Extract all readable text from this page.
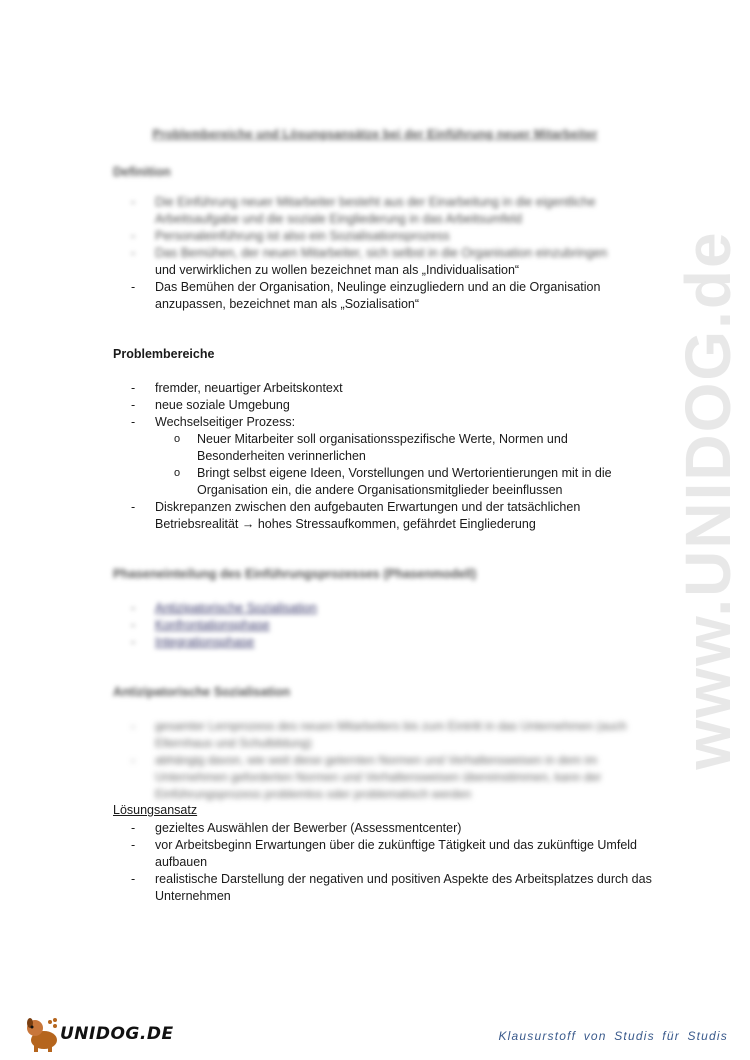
www.UNIDOG.de
Problembereiche und Lösungsansätze bei der Einführung neuer Mitarbeiter
Definition
- Die Einführung neuer Mitarbeiter besteht aus der Einarbeitung in die eigentliche Arbeitsaufgabe und die soziale Eingliederung in das Arbeitsumfeld
- Personaleinführung ist also ein Sozialisationsprozess
- Das Bemühen, der neuen Mitarbeiter, sich selbst in die Organisation einzubringen
und verwirklichen zu wollen bezeichnet man als „Individualisation“
- Das Bemühen der Organisation, Neulinge einzugliedern und an die Organisation
anzupassen, bezeichnet man als „Sozialisation“
Problembereiche
- fremder, neuartiger Arbeitskontext
- neue soziale Umgebung
- Wechselseitiger Prozess:
o Neuer Mitarbeiter soll organisationsspezifische Werte, Normen und Besonderheiten verinnerlichen
o Bringt selbst eigene Ideen, Vorstellungen und Wertorientierungen mit in die Organisation ein, die andere Organisationsmitglieder beeinflussen
- Diskrepanzen zwischen den aufgebauten Erwartungen und der tatsächlichen Betriebsrealität → hohes Stressaufkommen, gefährdet Eingliederung
Phaseneinteilung des Einführungsprozesses (Phasenmodell)
- Antizipatorische Sozialisation
- Konfrontationsphase
- Integrationsphase
Antizipatorische Sozialisation
- gesamter Lernprozess des neuen Mitarbeiters bis zum Eintritt in das Unternehmen (auch Elternhaus und Schulbildung)
- abhängig davon, wie weit diese gelernten Normen und Verhaltensweisen in dem im Unternehmen geforderten Normen und Verhaltensweisen übereinstimmen, kann der Einführungsprozess problemlos oder problematisch werden
Lösungsansatz
- gezieltes Auswählen der Bewerber (Assessmentcenter)
- vor Arbeitsbeginn Erwartungen über die zukünftige Tätigkeit und das zukünftige Umfeld aufbauen
- realistische Darstellung der negativen und positiven Aspekte des Arbeitsplatzes durch das Unternehmen
UNIDOG.DE	Klausurstoff von Studis für Studis
